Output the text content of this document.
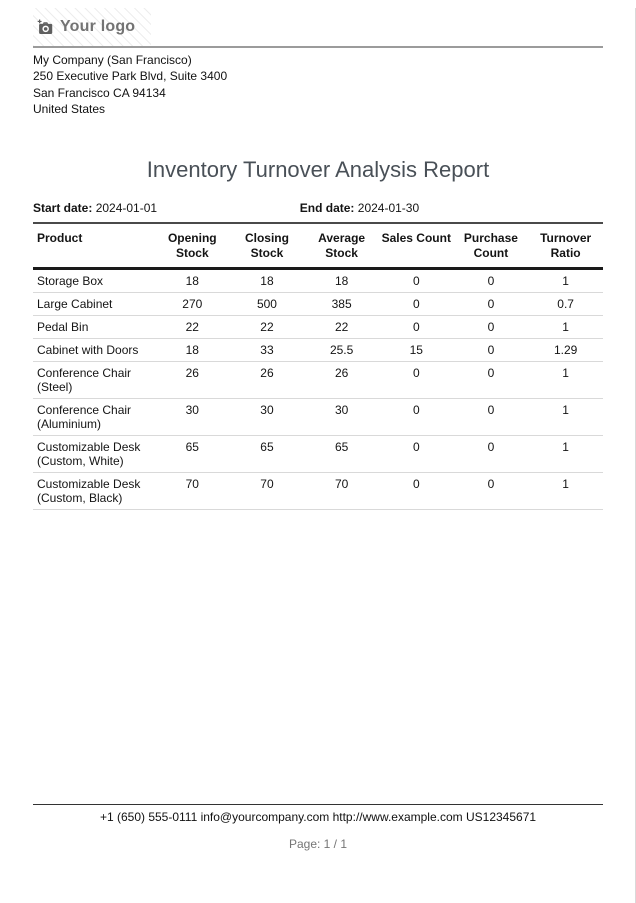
Your logo
My Company (San Francisco)
250 Executive Park Blvd, Suite 3400
San Francisco CA 94134
United States
Inventory Turnover Analysis Report
Start date: 2024-01-01	End date: 2024-01-30
Product	Opening Stock	Closing Stock	Average Stock	Sales Count	Purchase Count	Turnover Ratio
Storage Box	18	18	18	0	0	1
Large Cabinet	270	500	385	0	0	0.7
Pedal Bin	22	22	22	0	0	1
Cabinet with Doors	18	33	25.5	15	0	1.29
Conference Chair (Steel)	26	26	26	0	0	1
Conference Chair (Aluminium)	30	30	30	0	0	1
Customizable Desk (Custom, White)	65	65	65	0	0	1
Customizable Desk (Custom, Black)	70	70	70	0	0	1
+1 (650) 555-0111 info@yourcompany.com http://www.example.com US12345671
Page: 1 / 1
